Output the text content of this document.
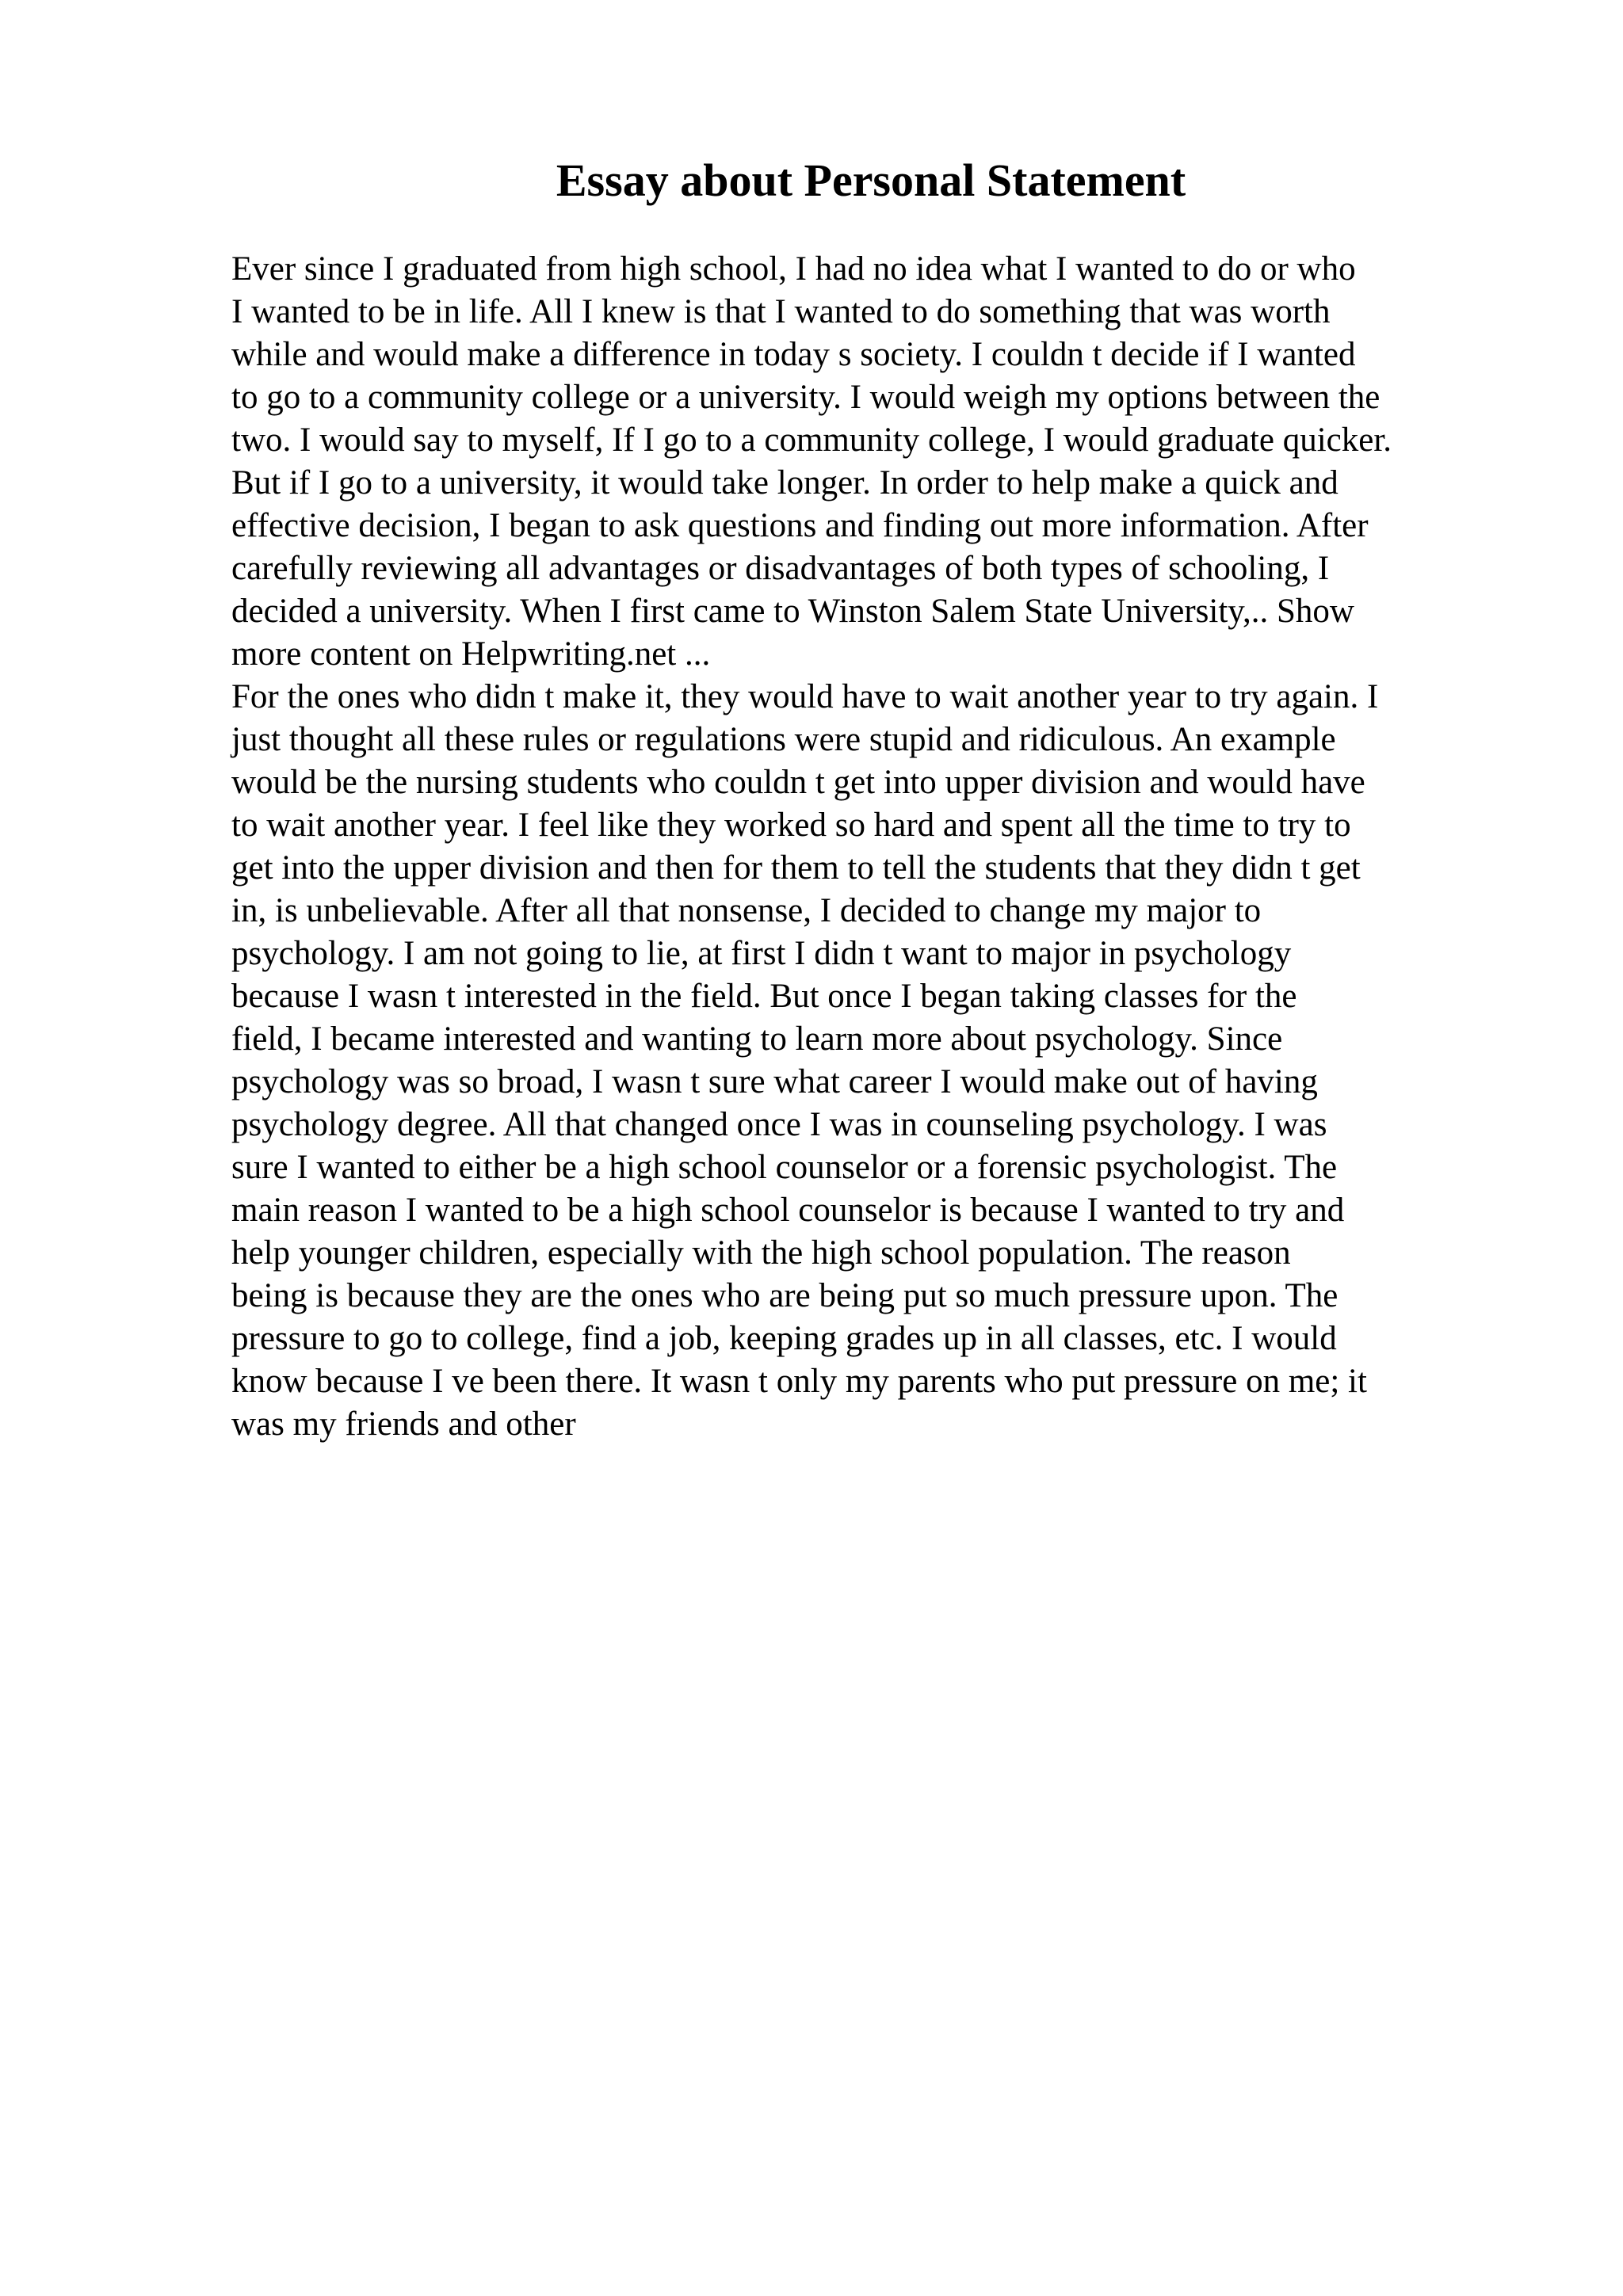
Essay about Personal Statement
Ever since I graduated from high school, I had no idea what I wanted to do or who
I wanted to be in life. All I knew is that I wanted to do something that was worth
while and would make a difference in today s society. I couldn t decide if I wanted
to go to a community college or a university. I would weigh my options between the
two. I would say to myself, If I go to a community college, I would graduate quicker.
But if I go to a university, it would take longer. In order to help make a quick and
effective decision, I began to ask questions and finding out more information. After
carefully reviewing all advantages or disadvantages of both types of schooling, I
decided a university. When I first came to Winston Salem State University,.. Show
more content on Helpwriting.net ...
For the ones who didn t make it, they would have to wait another year to try again. I
just thought all these rules or regulations were stupid and ridiculous. An example
would be the nursing students who couldn t get into upper division and would have
to wait another year. I feel like they worked so hard and spent all the time to try to
get into the upper division and then for them to tell the students that they didn t get
in, is unbelievable. After all that nonsense, I decided to change my major to
psychology. I am not going to lie, at first I didn t want to major in psychology
because I wasn t interested in the field. But once I began taking classes for the
field, I became interested and wanting to learn more about psychology. Since
psychology was so broad, I wasn t sure what career I would make out of having
psychology degree. All that changed once I was in counseling psychology. I was
sure I wanted to either be a high school counselor or a forensic psychologist. The
main reason I wanted to be a high school counselor is because I wanted to try and
help younger children, especially with the high school population. The reason
being is because they are the ones who are being put so much pressure upon. The
pressure to go to college, find a job, keeping grades up in all classes, etc. I would
know because I ve been there. It wasn t only my parents who put pressure on me; it
was my friends and other
